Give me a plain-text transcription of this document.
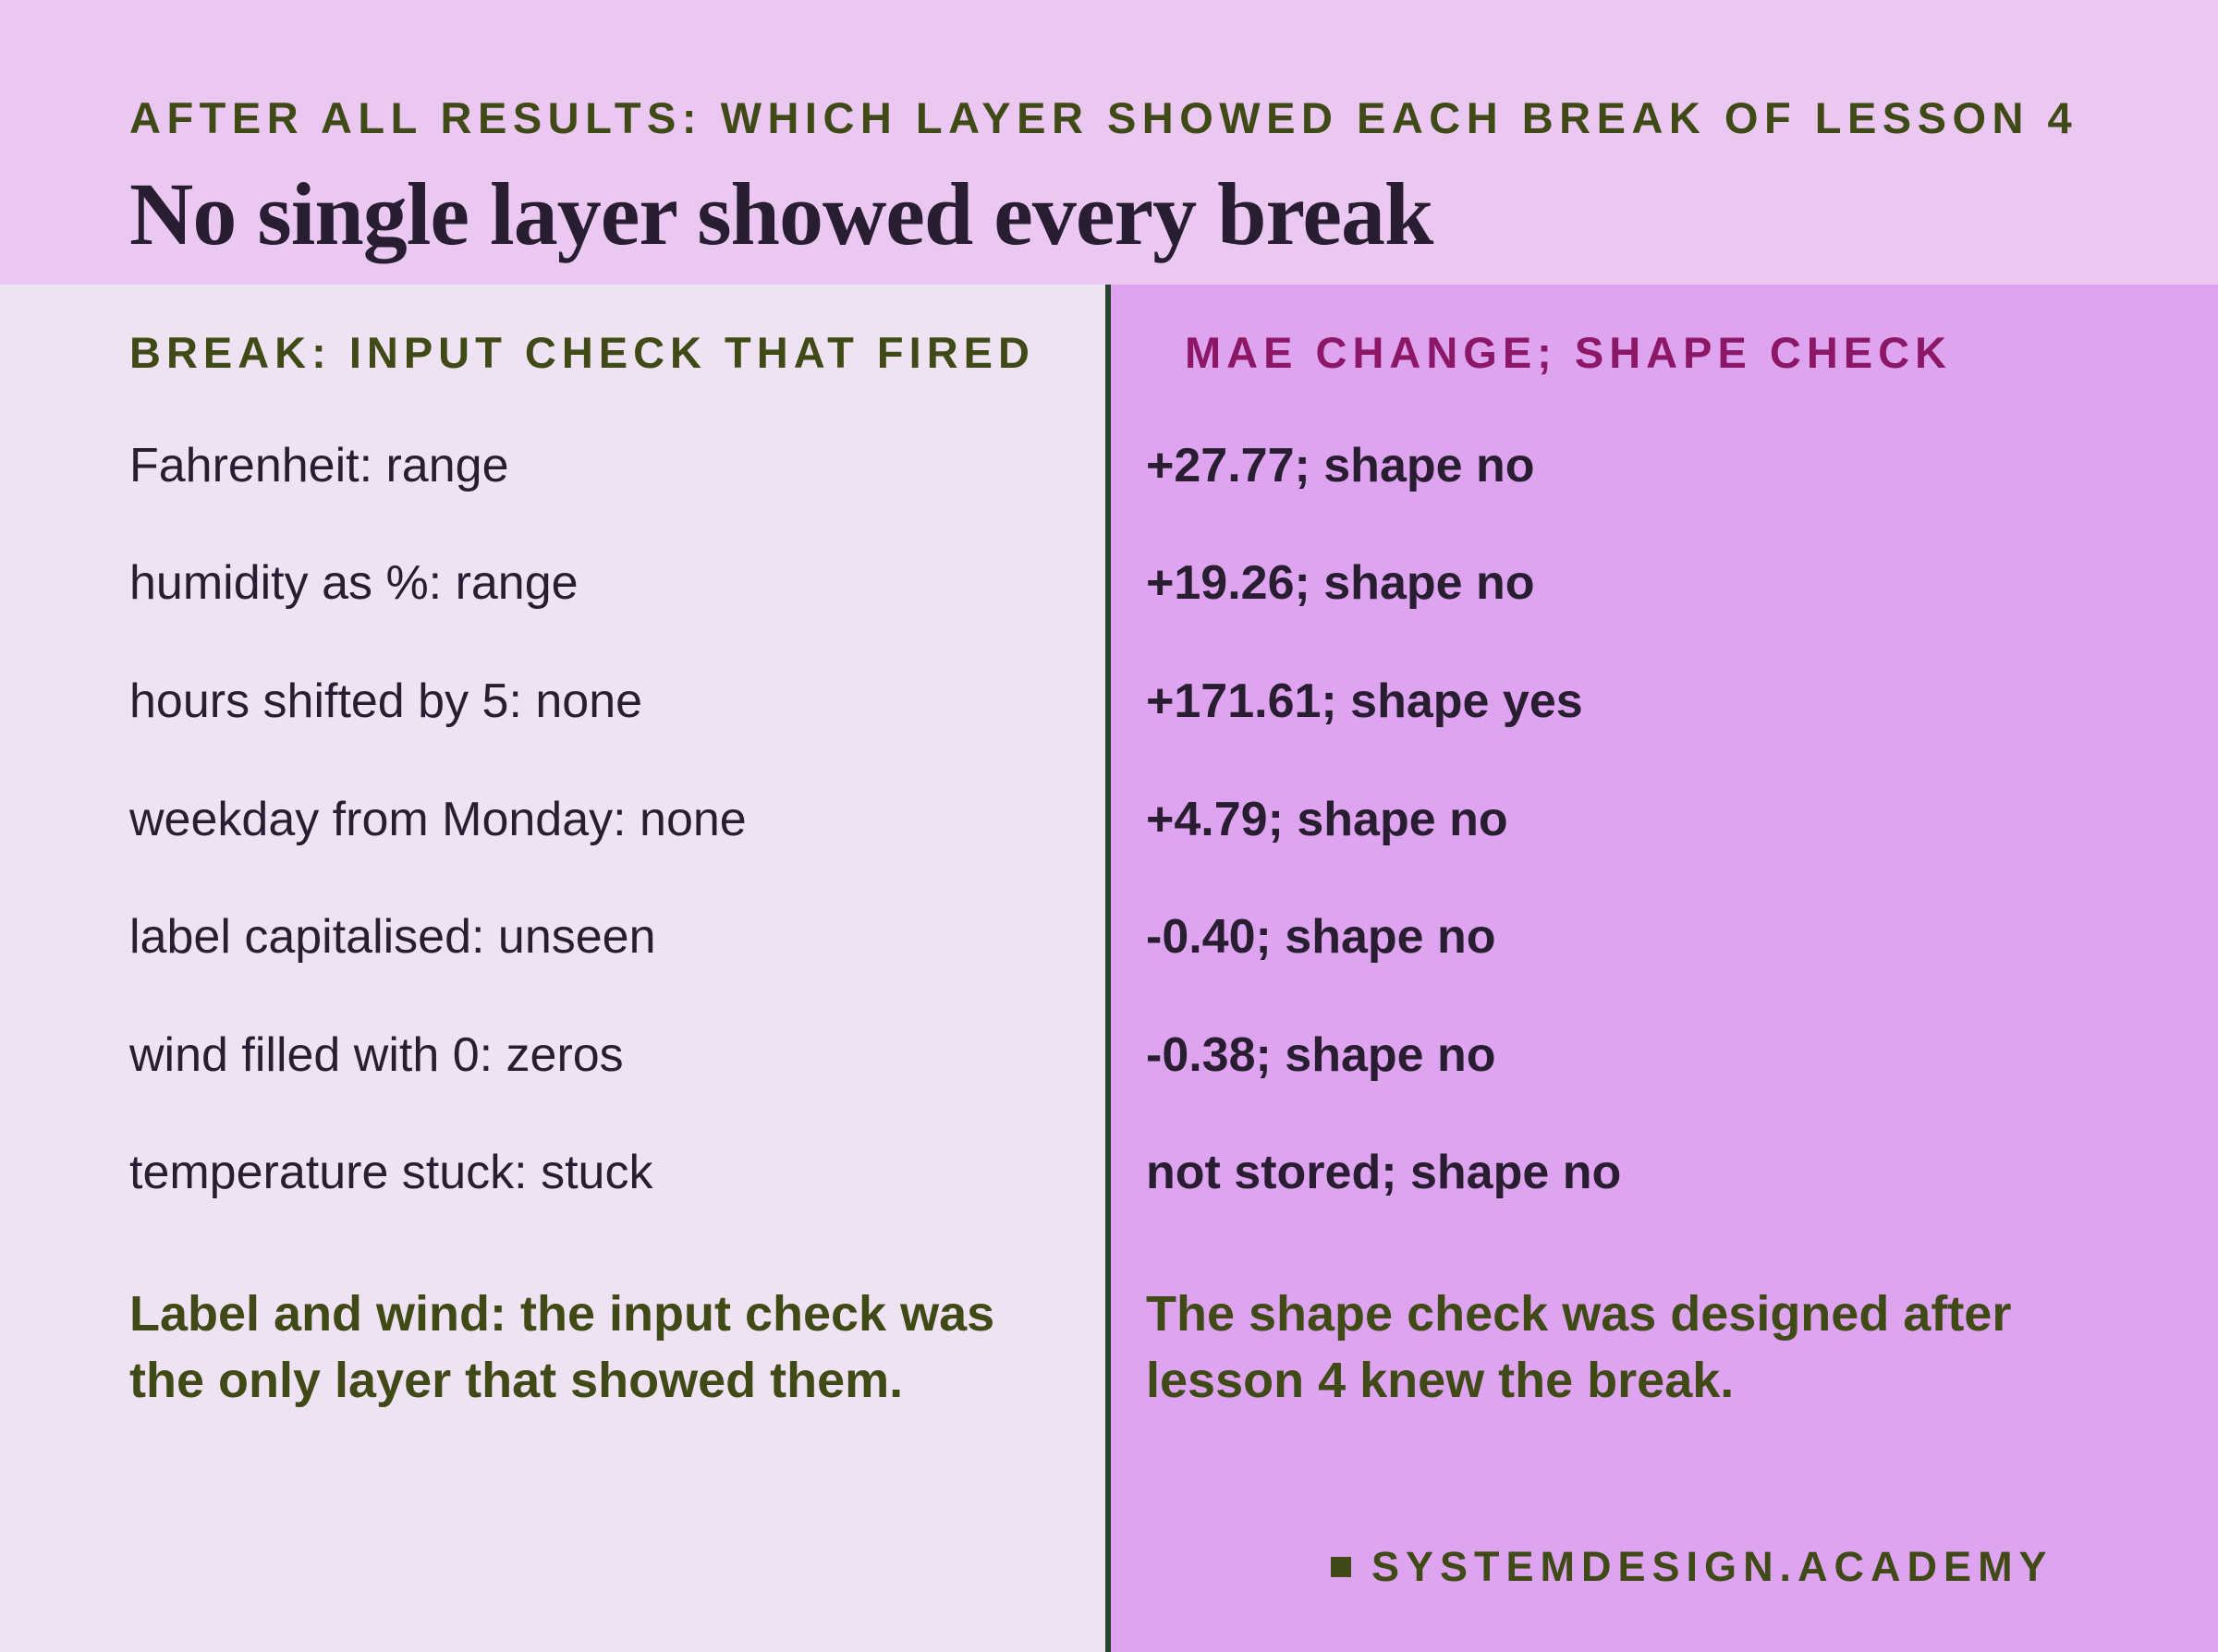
AFTER ALL RESULTS: WHICH LAYER SHOWED EACH BREAK OF LESSON 4
No single layer showed every break
BREAK: INPUT CHECK THAT FIRED	MAE CHANGE; SHAPE CHECK
Fahrenheit: range	+27.77; shape no
humidity as %: range	+19.26; shape no
hours shifted by 5: none	+171.61; shape yes
weekday from Monday: none	+4.79; shape no
label capitalised: unseen	-0.40; shape no
wind filled with 0: zeros	-0.38; shape no
temperature stuck: stuck	not stored; shape no
Label and wind: the input check was the only layer that showed them.
The shape check was designed after lesson 4 knew the break.
SYSTEMDESIGN.ACADEMY
